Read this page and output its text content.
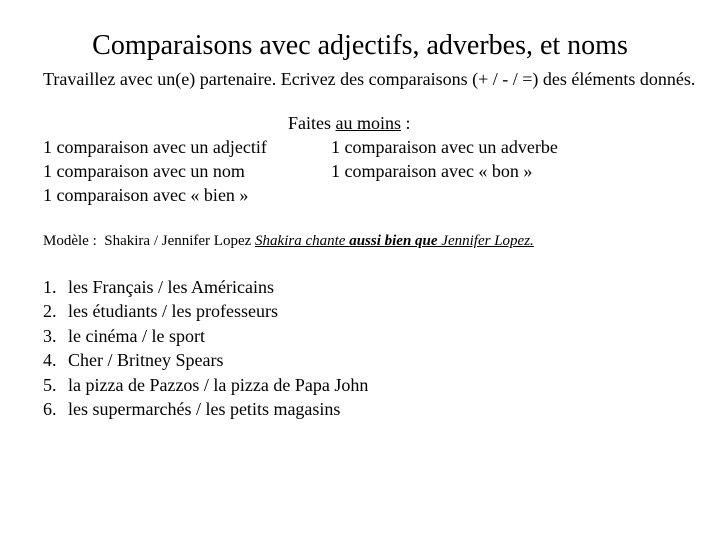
Comparaisons avec adjectifs, adverbes, et noms
Travaillez avec un(e) partenaire. Ecrivez des comparaisons (+ / - / =) des éléments donnés.
Faites au moins :
1 comparaison avec un adjectif	1 comparaison avec un adverbe
1 comparaison avec un nom	1 comparaison avec « bon »
1 comparaison avec « bien »
Modèle : Shakira / Jennifer Lopez Shakira chante aussi bien que Jennifer Lopez.
1. les Français / les Américains
2. les étudiants / les professeurs
3. le cinéma / le sport
4. Cher / Britney Spears
5. la pizza de Pazzos / la pizza de Papa John
6. les supermarchés / les petits magasins
